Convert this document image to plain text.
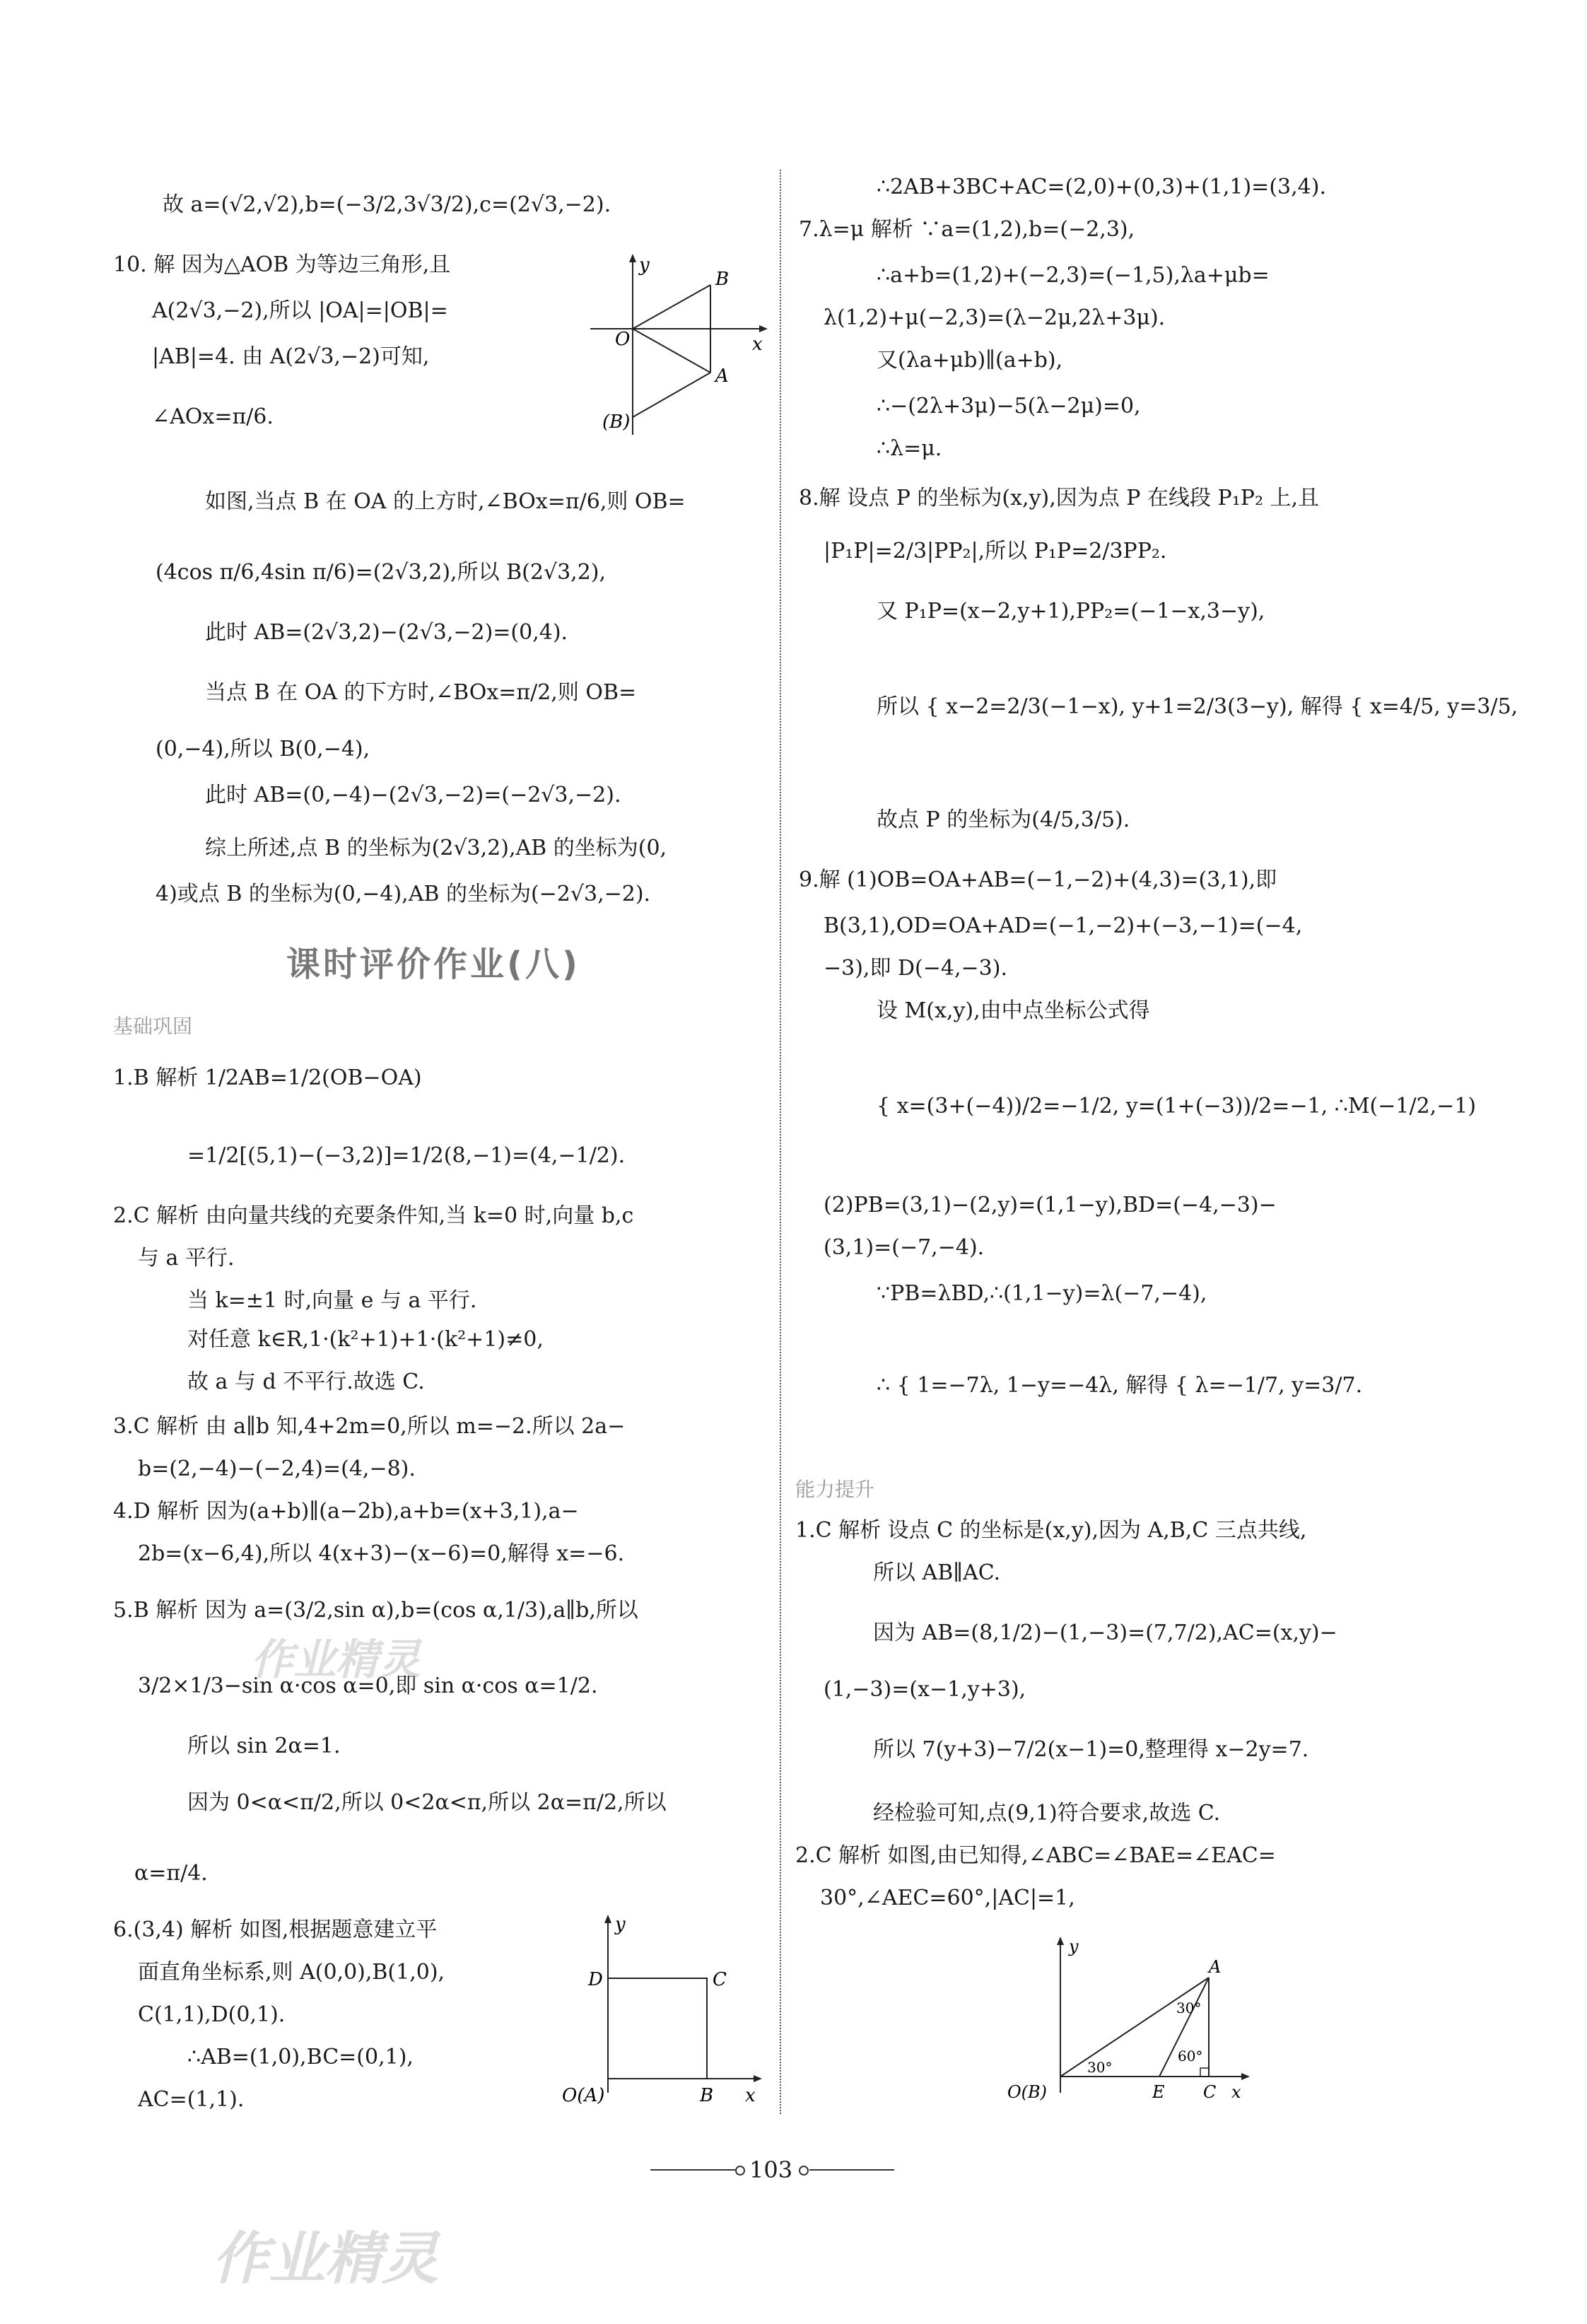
故 a=(√2,√2),b=(−3/2,3√3/2),c=(2√3,−2).
10. 解 因为△AOB 为等边三角形,且
A(2√3,−2),所以 |OA|=|OB|=
|AB|=4. 由 A(2√3,−2)可知,
∠AOx=π/6.
如图,当点 B 在 OA 的上方时,∠BOx=π/6,则 OB=
(4cos π/6,4sin π/6)=(2√3,2),所以 B(2√3,2),
此时 AB=(2√3,2)−(2√3,−2)=(0,4).
当点 B 在 OA 的下方时,∠BOx=π/2,则 OB=
(0,−4),所以 B(0,−4),
此时 AB=(0,−4)−(2√3,−2)=(−2√3,−2).
综上所述,点 B 的坐标为(2√3,2),AB 的坐标为(0,
4)或点 B 的坐标为(0,−4),AB 的坐标为(−2√3,−2).
y
x
O
B
A
(B)
课时评价作业(八)
基础巩固
1.B 解析 1/2AB=1/2(OB−OA)
=1/2[(5,1)−(−3,2)]=1/2(8,−1)=(4,−1/2).
2.C 解析 由向量共线的充要条件知,当 k=0 时,向量 b,c
与 a 平行.
当 k=±1 时,向量 e 与 a 平行.
对任意 k∈R,1·(k²+1)+1·(k²+1)≠0,
故 a 与 d 不平行.故选 C.
3.C 解析 由 a∥b 知,4+2m=0,所以 m=−2.所以 2a−
b=(2,−4)−(−2,4)=(4,−8).
4.D 解析 因为(a+b)∥(a−2b),a+b=(x+3,1),a−
2b=(x−6,4),所以 4(x+3)−(x−6)=0,解得 x=−6.
5.B 解析 因为 a=(3/2,sin α),b=(cos α,1/3),a∥b,所以
3/2×1/3−sin α·cos α=0,即 sin α·cos α=1/2.
所以 sin 2α=1.
因为 0<α<π/2,所以 0<2α<π,所以 2α=π/2,所以
α=π/4.
6.(3,4) 解析 如图,根据题意建立平
面直角坐标系,则 A(0,0),B(1,0),
C(1,1),D(0,1).
∴AB=(1,0),BC=(0,1),
AC=(1,1).
y
x
D	C
O(A)	B
∴2AB+3BC+AC=(2,0)+(0,3)+(1,1)=(3,4).
7.λ=μ 解析 ∵a=(1,2),b=(−2,3),
∴a+b=(1,2)+(−2,3)=(−1,5),λa+μb=
λ(1,2)+μ(−2,3)=(λ−2μ,2λ+3μ).
又(λa+μb)∥(a+b),
∴−(2λ+3μ)−5(λ−2μ)=0,
∴λ=μ.
8.解 设点 P 的坐标为(x,y),因为点 P 在线段 P₁P₂ 上,且
|P₁P|=2/3|PP₂|,所以 P₁P=2/3PP₂.
又 P₁P=(x−2,y+1),PP₂=(−1−x,3−y),
所以 { x−2=2/3(−1−x), y+1=2/3(3−y), 解得 { x=4/5, y=3/5,
故点 P 的坐标为(4/5,3/5).
9.解 (1)OB=OA+AB=(−1,−2)+(4,3)=(3,1),即
B(3,1),OD=OA+AD=(−1,−2)+(−3,−1)=(−4,
−3),即 D(−4,−3).
设 M(x,y),由中点坐标公式得
{ x=(3+(−4))/2=−1/2, y=(1+(−3))/2=−1, ∴M(−1/2,−1)
(2)PB=(3,1)−(2,y)=(1,1−y),BD=(−4,−3)−
(3,1)=(−7,−4).
∵PB=λBD,∴(1,1−y)=λ(−7,−4),
∴ { 1=−7λ, 1−y=−4λ, 解得 { λ=−1/7, y=3/7.
能力提升
1.C 解析 设点 C 的坐标是(x,y),因为 A,B,C 三点共线,
所以 AB∥AC.
因为 AB=(8,1/2)−(1,−3)=(7,7/2),AC=(x,y)−
(1,−3)=(x−1,y+3),
所以 7(y+3)−7/2(x−1)=0,整理得 x−2y=7.
经检验可知,点(9,1)符合要求,故选 C.
2.C 解析 如图,由已知得,∠ABC=∠BAE=∠EAC=
30°,∠AEC=60°,|AC|=1,
y
x
A
O(B)	E C
30°
30°
60°
103
作业精灵
作业精灵
